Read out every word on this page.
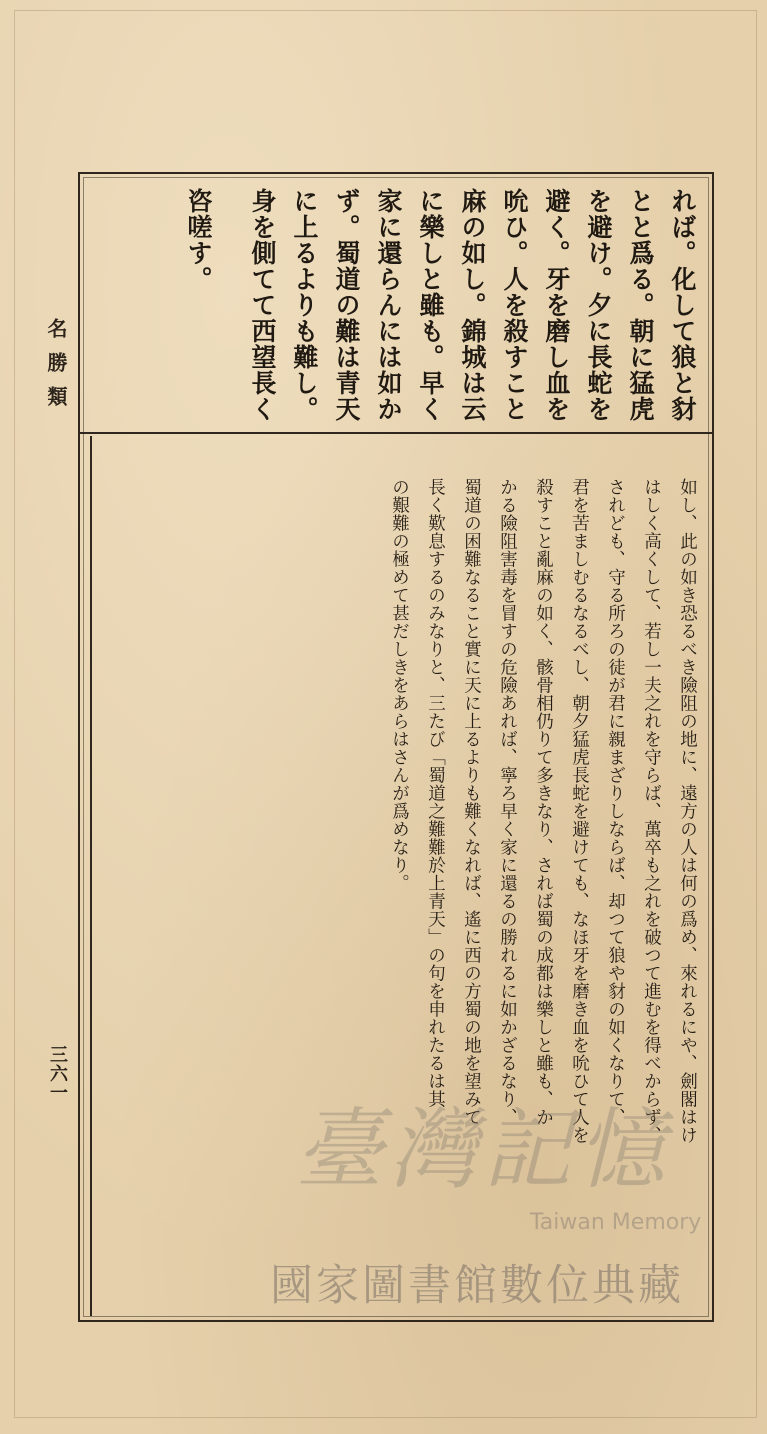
名勝類
三六一
れば。化して狼と豺
とと爲る。朝に猛虎
を避け。夕に長蛇を
避く。牙を磨し血を
吮ひ。人を殺すこと
麻の如し。錦城は云
に樂しと雖も。早く
家に還らんには如か
ず。蜀道の難は青天
に上るよりも難し。
身を側てて西望長く
咨嗟す。
如し、此の如き恐るべき險阻の地に、遠方の人は何の爲め、來れるにや、劍閣はけ
はしく高くして、若し一夫之れを守らば、萬卒も之れを破つて進むを得べからず、
されども、守る所ろの徒が君に親まざりしならば、却つて狼や豺の如くなりて、
君を苦ましむるなるべし、朝夕猛虎長蛇を避けても、なほ牙を磨き血を吮ひて人を
殺すこと亂麻の如く、骸骨相仍りて多きなり、されば蜀の成都は樂しと雖も、か
かる險阻害毒を冒すの危險あれば、寧ろ早く家に還るの勝れるに如かざるなり、
蜀道の困難なること實に天に上るよりも難くなれば、遙に西の方蜀の地を望みて
長く歎息するのみなりと、三たび「蜀道之難難於上青天」の句を申れたるは其
の艱難の極めて甚だしきをあらはさんが爲めなり。
臺灣記憶
Taiwan Memory
國家圖書館數位典藏
